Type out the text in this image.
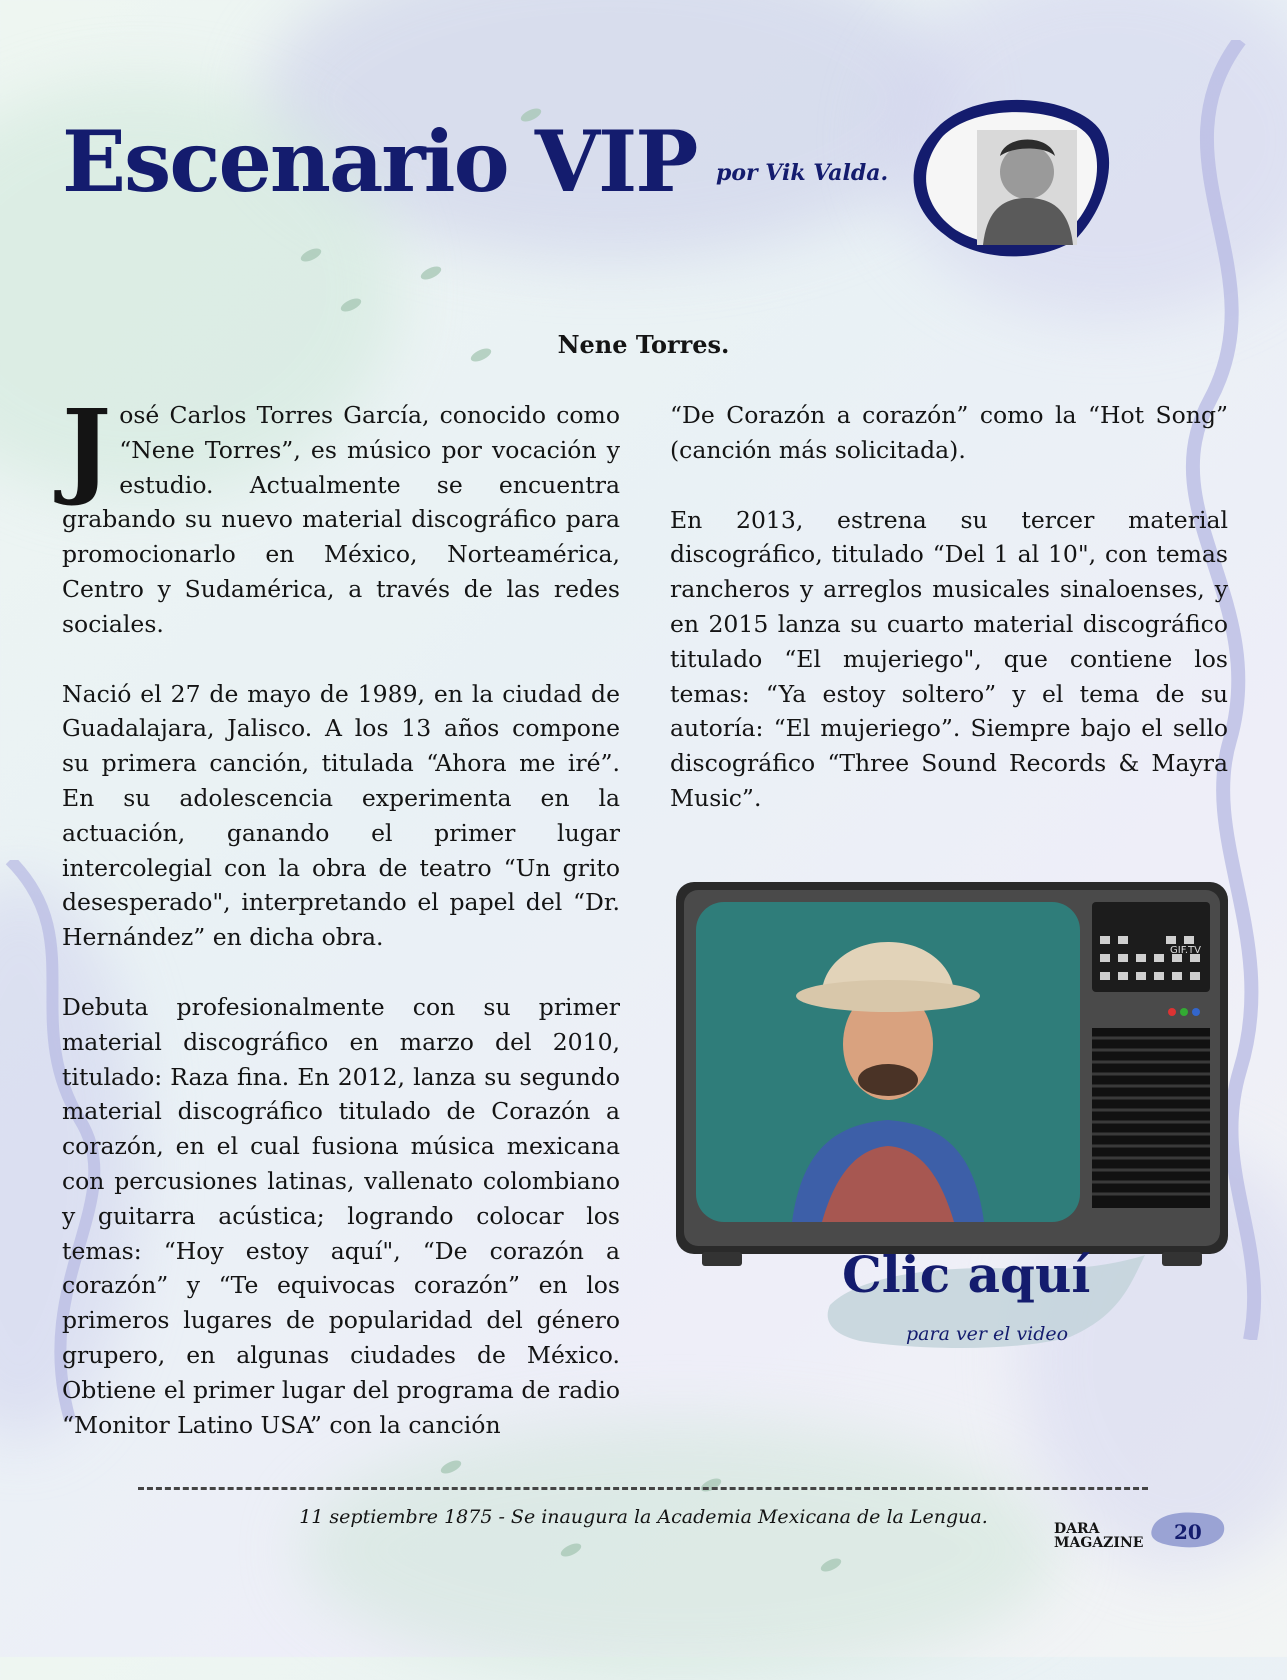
Escenario VIP por Vik Valda.
Nene Torres.

José Carlos Torres García, conocido como “Nene Torres”, es músico por vocación y estudio. Actualmente se encuentra grabando su nuevo material discográfico para promocionarlo en México, Norteamérica, Centro y Sudamérica, a través de las redes sociales.

Nació el 27 de mayo de 1989, en la ciudad de Guadalajara, Jalisco. A los 13 años compone su primera canción, titulada “Ahora me iré”. En su adolescencia experimenta en la actuación, ganando el primer lugar intercolegial con la obra de teatro “Un grito desesperado", interpretando el papel del “Dr. Hernández” en dicha obra.

Debuta profesionalmente con su primer material discográfico en marzo del 2010, titulado: Raza fina. En 2012, lanza su segundo material discográfico titulado de Corazón a corazón, en el cual fusiona música mexicana con percusiones latinas, vallenato colombiano y guitarra acústica; logrando colocar los temas: “Hoy estoy aquí", “De corazón a corazón” y “Te equivocas corazón” en los primeros lugares de popularidad del género grupero, en algunas ciudades de México. Obtiene el primer lugar del programa de radio “Monitor Latino USA” con la canción

“De Corazón a corazón” como la “Hot Song” (canción más solicitada).

En 2013, estrena su tercer material discográfico, titulado “Del 1 al 10", con temas rancheros y arreglos musicales sinaloenses, y en 2015 lanza su cuarto material discográfico titulado “El mujeriego", que contiene los temas: “Ya estoy soltero” y el tema de su autoría: “El mujeriego”. Siempre bajo el sello discográfico “Three Sound Records & Mayra Music”.

GIF.TV
Clic aquí
para ver el video

11 septiembre 1875 - Se inaugura la Academia Mexicana de la Lengua.

DARA
MAGAZINE 20
